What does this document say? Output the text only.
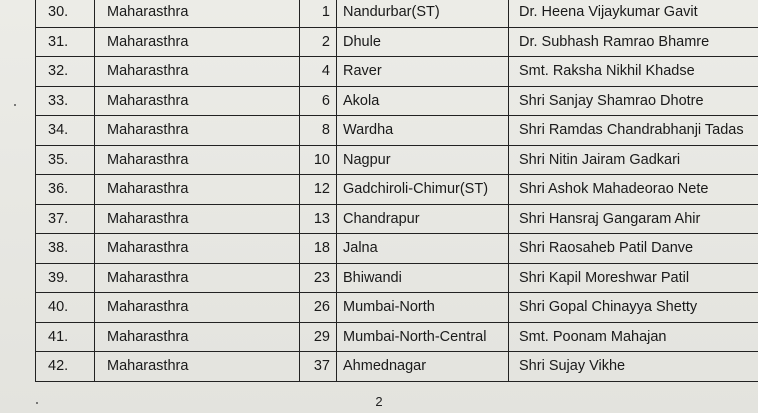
30.	Maharasthra	1	Nandurbar(ST)	Dr. Heena Vijaykumar Gavit	
31.	Maharasthra	2	Dhule	Dr. Subhash Ramrao Bhamre	
32.	Maharasthra	4	Raver	Smt. Raksha Nikhil Khadse	
33.	Maharasthra	6	Akola	Shri Sanjay Shamrao Dhotre	
34.	Maharasthra	8	Wardha	Shri Ramdas Chandrabhanji Tadas	
35.	Maharasthra	10	Nagpur	Shri Nitin Jairam Gadkari	
36.	Maharasthra	12	Gadchiroli-Chimur(ST)	Shri Ashok Mahadeorao Nete	
37.	Maharasthra	13	Chandrapur	Shri Hansraj Gangaram Ahir	
38.	Maharasthra	18	Jalna	Shri Raosaheb Patil Danve	
39.	Maharasthra	23	Bhiwandi	Shri Kapil Moreshwar Patil	
40.	Maharasthra	26	Mumbai-North	Shri Gopal Chinayya Shetty	
41.	Maharasthra	29	Mumbai-North-Central	Smt. Poonam Mahajan	
42.	Maharasthra	37	Ahmednagar	Shri Sujay Vikhe	
2
